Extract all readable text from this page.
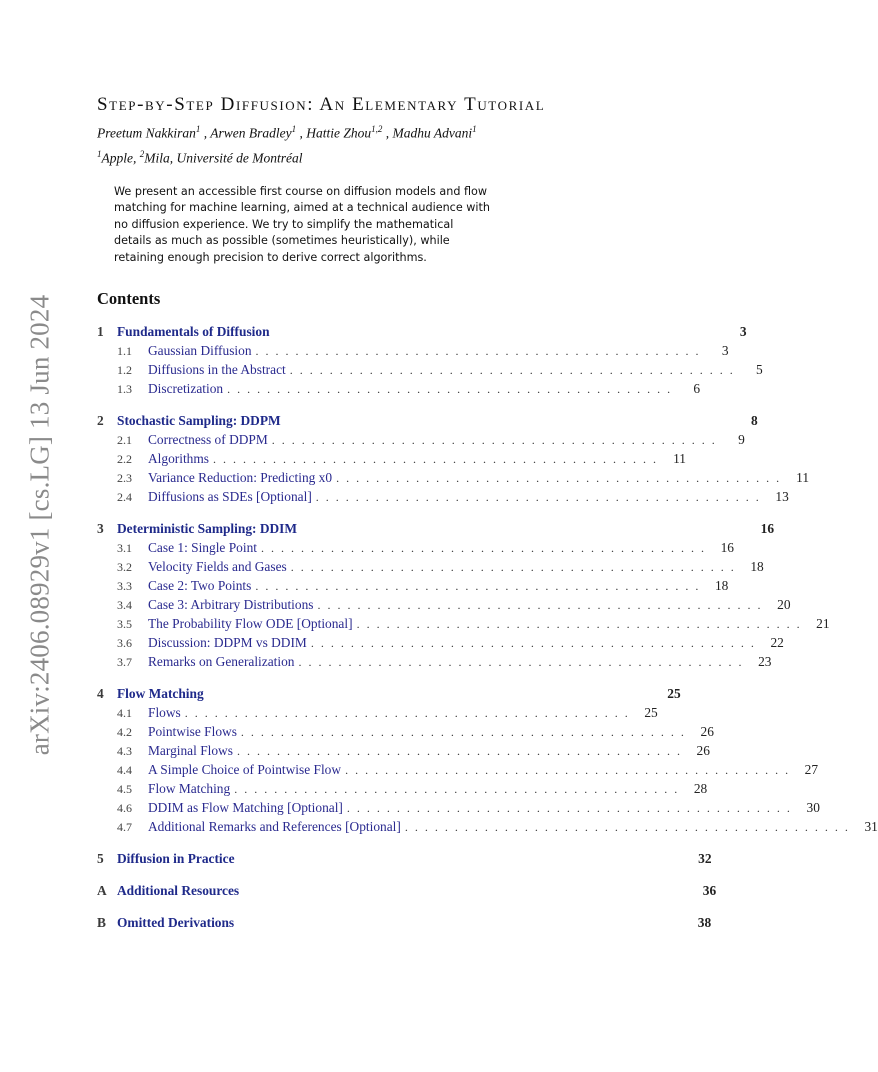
arXiv:2406.08929v1 [cs.LG] 13 Jun 2024
Step-by-Step Diffusion: An Elementary Tutorial
Preetum Nakkiran$^1$ , Arwen Bradley$^1$ , Hattie Zhou$^{1,2}$ , Madhu Advani$^1$
$^1$Apple, $^2$Mila, Université de Montréal
We present an accessible first course on diffusion models and flow matching for machine learning, aimed at a technical audience with no diffusion experience. We try to simplify the mathematical details as much as possible (sometimes heuristically), while retaining enough precision to derive correct algorithms.
Contents
1 Fundamentals of Diffusion	3
1.1	Gaussian Diffusion . . . . . . . . . . . . . . . . . . . . . . . . . . . . . . . . . . . . . . . . . . . . .	3
1.2	Diffusions in the Abstract . . . . . . . . . . . . . . . . . . . . . . . . . . . . . . . . . . . . . . . . . . . . .	5
1.3	Discretization . . . . . . . . . . . . . . . . . . . . . . . . . . . . . . . . . . . . . . . . . . . . .	6
2 Stochastic Sampling: DDPM	8
2.1	Correctness of DDPM . . . . . . . . . . . . . . . . . . . . . . . . . . . . . . . . . . . . . . . . . . . . .	9
2.2	Algorithms . . . . . . . . . . . . . . . . . . . . . . . . . . . . . . . . . . . . . . . . . . . . .	11
2.3	Variance Reduction: Predicting x0 . . . . . . . . . . . . . . . . . . . . . . . . . . . . . . . . . . . . . . . . . . . . .	11
2.4	Diffusions as SDEs [Optional] . . . . . . . . . . . . . . . . . . . . . . . . . . . . . . . . . . . . . . . . . . . . .	13
3 Deterministic Sampling: DDIM	16
3.1	Case 1: Single Point . . . . . . . . . . . . . . . . . . . . . . . . . . . . . . . . . . . . . . . . . . . . .	16
3.2	Velocity Fields and Gases . . . . . . . . . . . . . . . . . . . . . . . . . . . . . . . . . . . . . . . . . . . . .	18
3.3	Case 2: Two Points . . . . . . . . . . . . . . . . . . . . . . . . . . . . . . . . . . . . . . . . . . . . .	18
3.4	Case 3: Arbitrary Distributions . . . . . . . . . . . . . . . . . . . . . . . . . . . . . . . . . . . . . . . . . . . . .	20
3.5	The Probability Flow ODE [Optional] . . . . . . . . . . . . . . . . . . . . . . . . . . . . . . . . . . . . . . . . . . . . .	21
3.6	Discussion: DDPM vs DDIM . . . . . . . . . . . . . . . . . . . . . . . . . . . . . . . . . . . . . . . . . . . . .	22
3.7	Remarks on Generalization . . . . . . . . . . . . . . . . . . . . . . . . . . . . . . . . . . . . . . . . . . . . .	23
4 Flow Matching	25
4.1	Flows . . . . . . . . . . . . . . . . . . . . . . . . . . . . . . . . . . . . . . . . . . . . .	25
4.2	Pointwise Flows . . . . . . . . . . . . . . . . . . . . . . . . . . . . . . . . . . . . . . . . . . . . .	26
4.3	Marginal Flows . . . . . . . . . . . . . . . . . . . . . . . . . . . . . . . . . . . . . . . . . . . . .	26
4.4	A Simple Choice of Pointwise Flow . . . . . . . . . . . . . . . . . . . . . . . . . . . . . . . . . . . . . . . . . . . . .	27
4.5	Flow Matching . . . . . . . . . . . . . . . . . . . . . . . . . . . . . . . . . . . . . . . . . . . . .	28
4.6	DDIM as Flow Matching [Optional] . . . . . . . . . . . . . . . . . . . . . . . . . . . . . . . . . . . . . . . . . . . . .	30
4.7	Additional Remarks and References [Optional] . . . . . . . . . . . . . . . . . . . . . . . . . . . . . . . . . . . . . . . . . . . . .	31
5 Diffusion in Practice	32
A Additional Resources	36
B Omitted Derivations	38
